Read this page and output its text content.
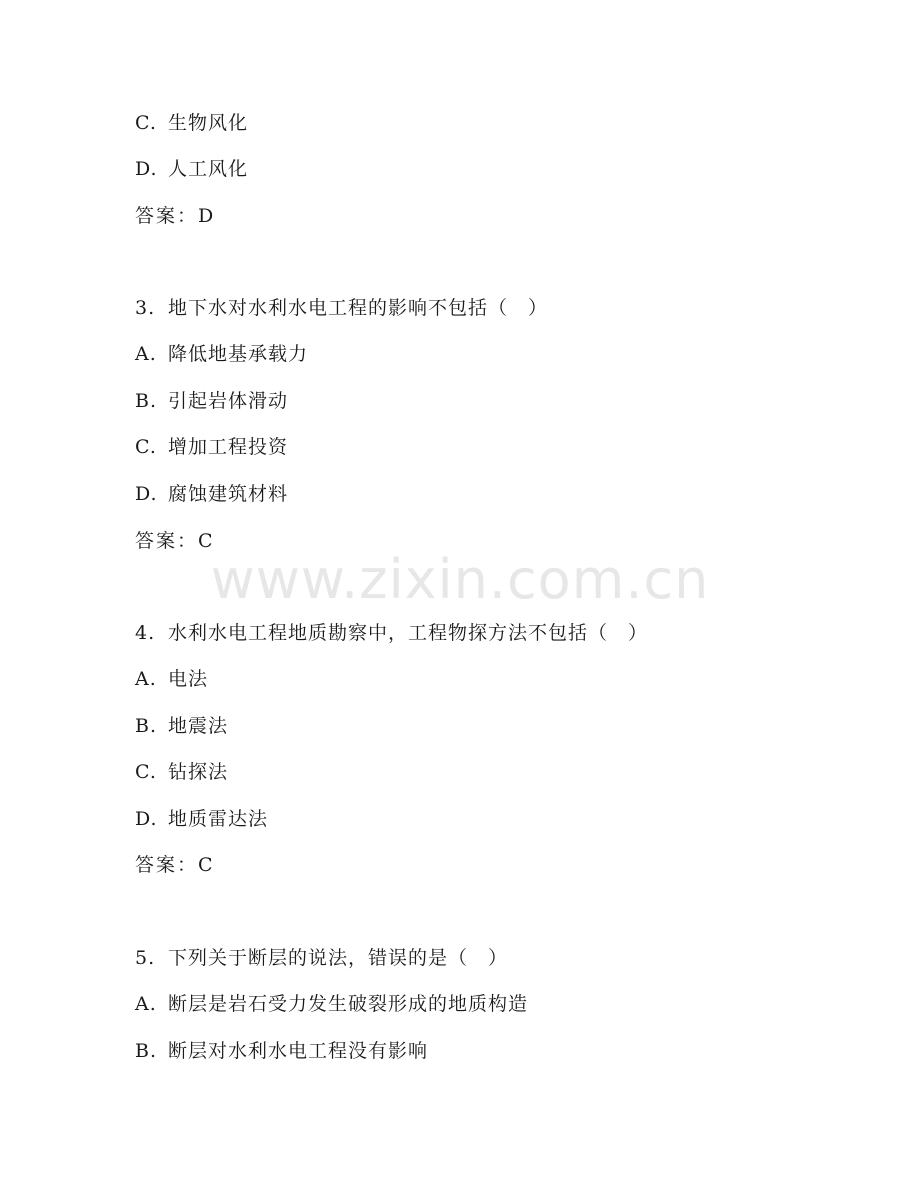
C. 生物风化
D. 人工风化
答案：D
3. 地下水对水利水电工程的影响不包括（　）
A. 降低地基承载力
B. 引起岩体滑动
C. 增加工程投资
D. 腐蚀建筑材料
答案：C
4. 水利水电工程地质勘察中，工程物探方法不包括（　）
A. 电法
B. 地震法
C. 钻探法
D. 地质雷达法
答案：C
5. 下列关于断层的说法，错误的是（　）
A. 断层是岩石受力发生破裂形成的地质构造
B. 断层对水利水电工程没有影响
www.zixin.com.cn
